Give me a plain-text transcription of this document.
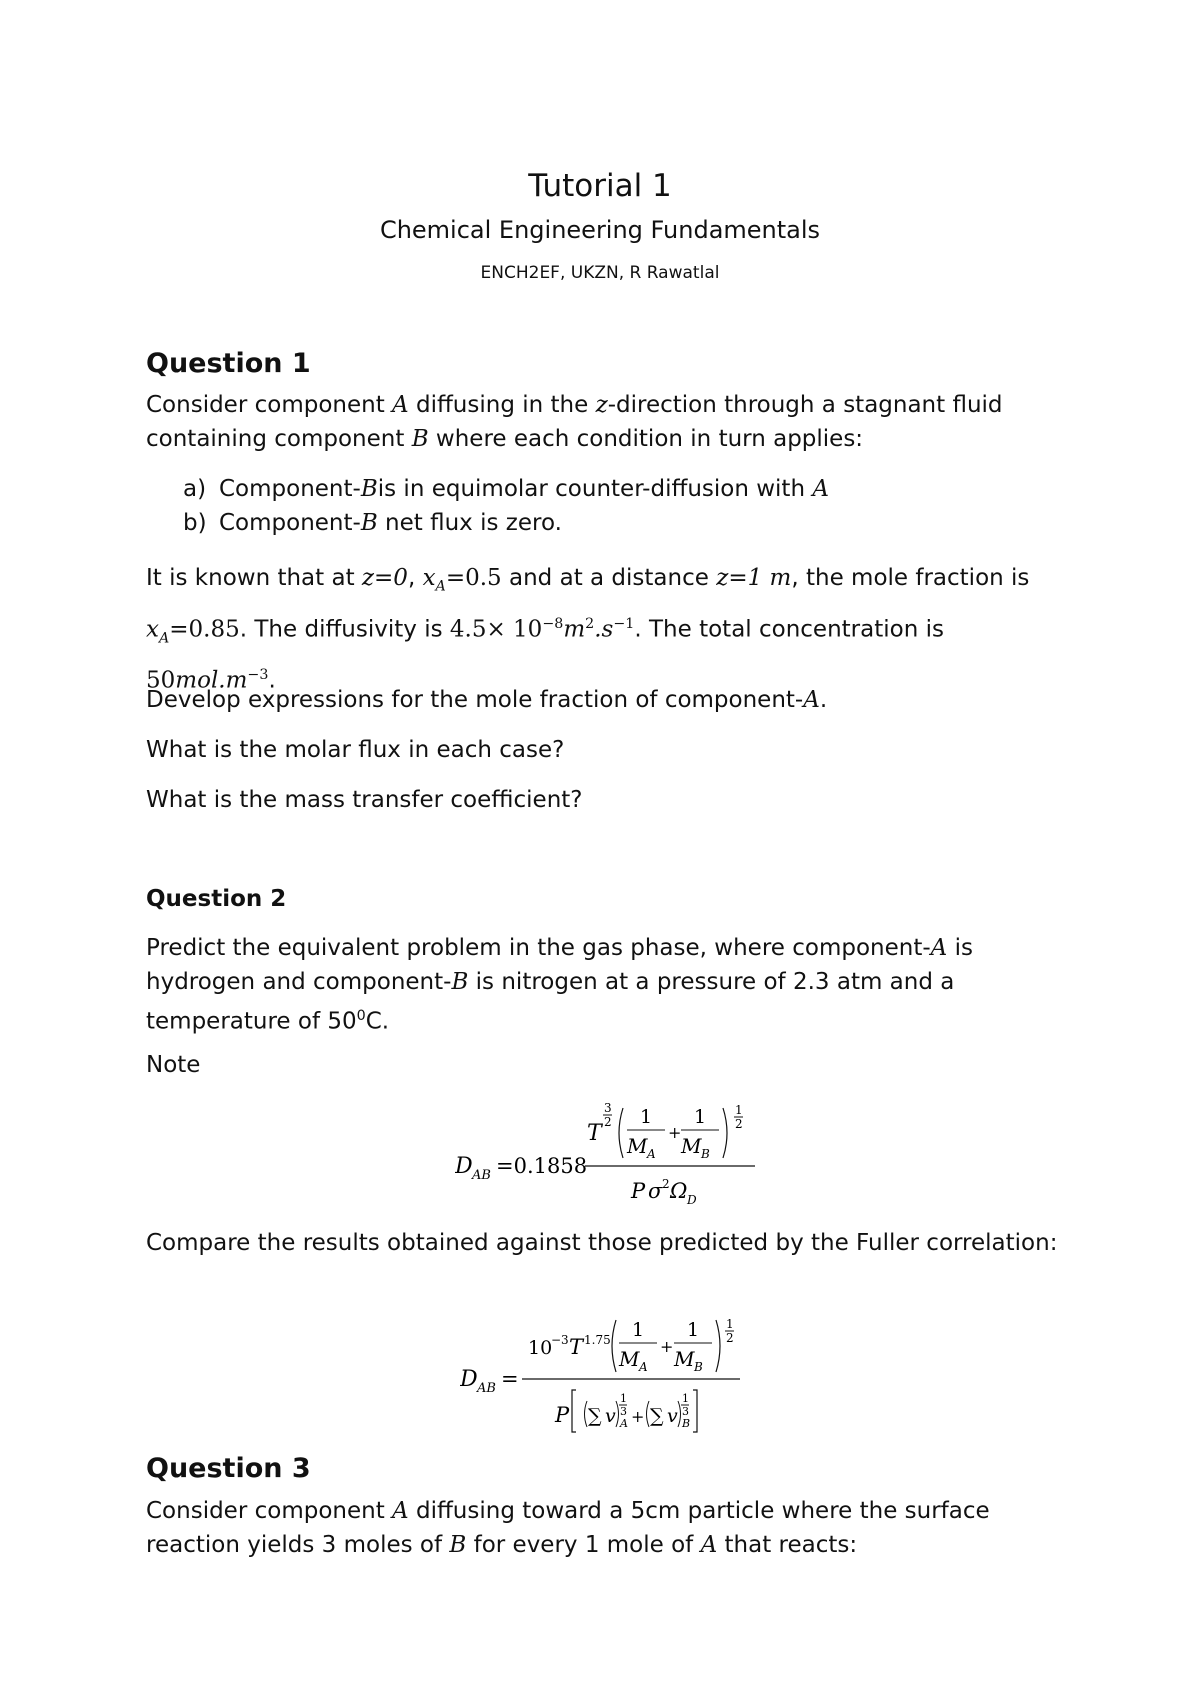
Tutorial 1
Chemical Engineering Fundamentals
ENCH2EF, UKZN, R Rawatlal
Question 1
Consider component A diffusing in the z-direction through a stagnant fluid containing component B where each condition in turn applies:
a) Component-Bis in equimolar counter-diffusion with A
b) Component-B net flux is zero.
It is known that at z=0, $x_A=0.5$ and at a distance z=1 m, the mole fraction is $x_A=0.85$. The diffusivity is $4.5\times 10^{-8}m^2.s^{-1}$. The total concentration is $50mol.m^{-3}$.
Develop expressions for the mole fraction of component-A.
What is the molar flux in each case?
What is the mass transfer coefficient?
Question 2
Predict the equivalent problem in the gas phase, where component-A is hydrogen and component-B is nitrogen at a pressure of 2.3 atm and a temperature of $50^0C$.
Note
D AB =0.1858
T
3
2 1
M A
+
1
M B
1
2
P σ 2 Ω D
Compare the results obtained against those predicted by the Fuller correlation:
D AB =
10
−3 T 1.75 1
M A
+
1
M B
1
2
P ∑ v
1
3
A + ∑ v
1
3
B
Question 3
Consider component A diffusing toward a 5cm particle where the surface reaction yields 3 moles of B for every 1 mole of A that reacts:
